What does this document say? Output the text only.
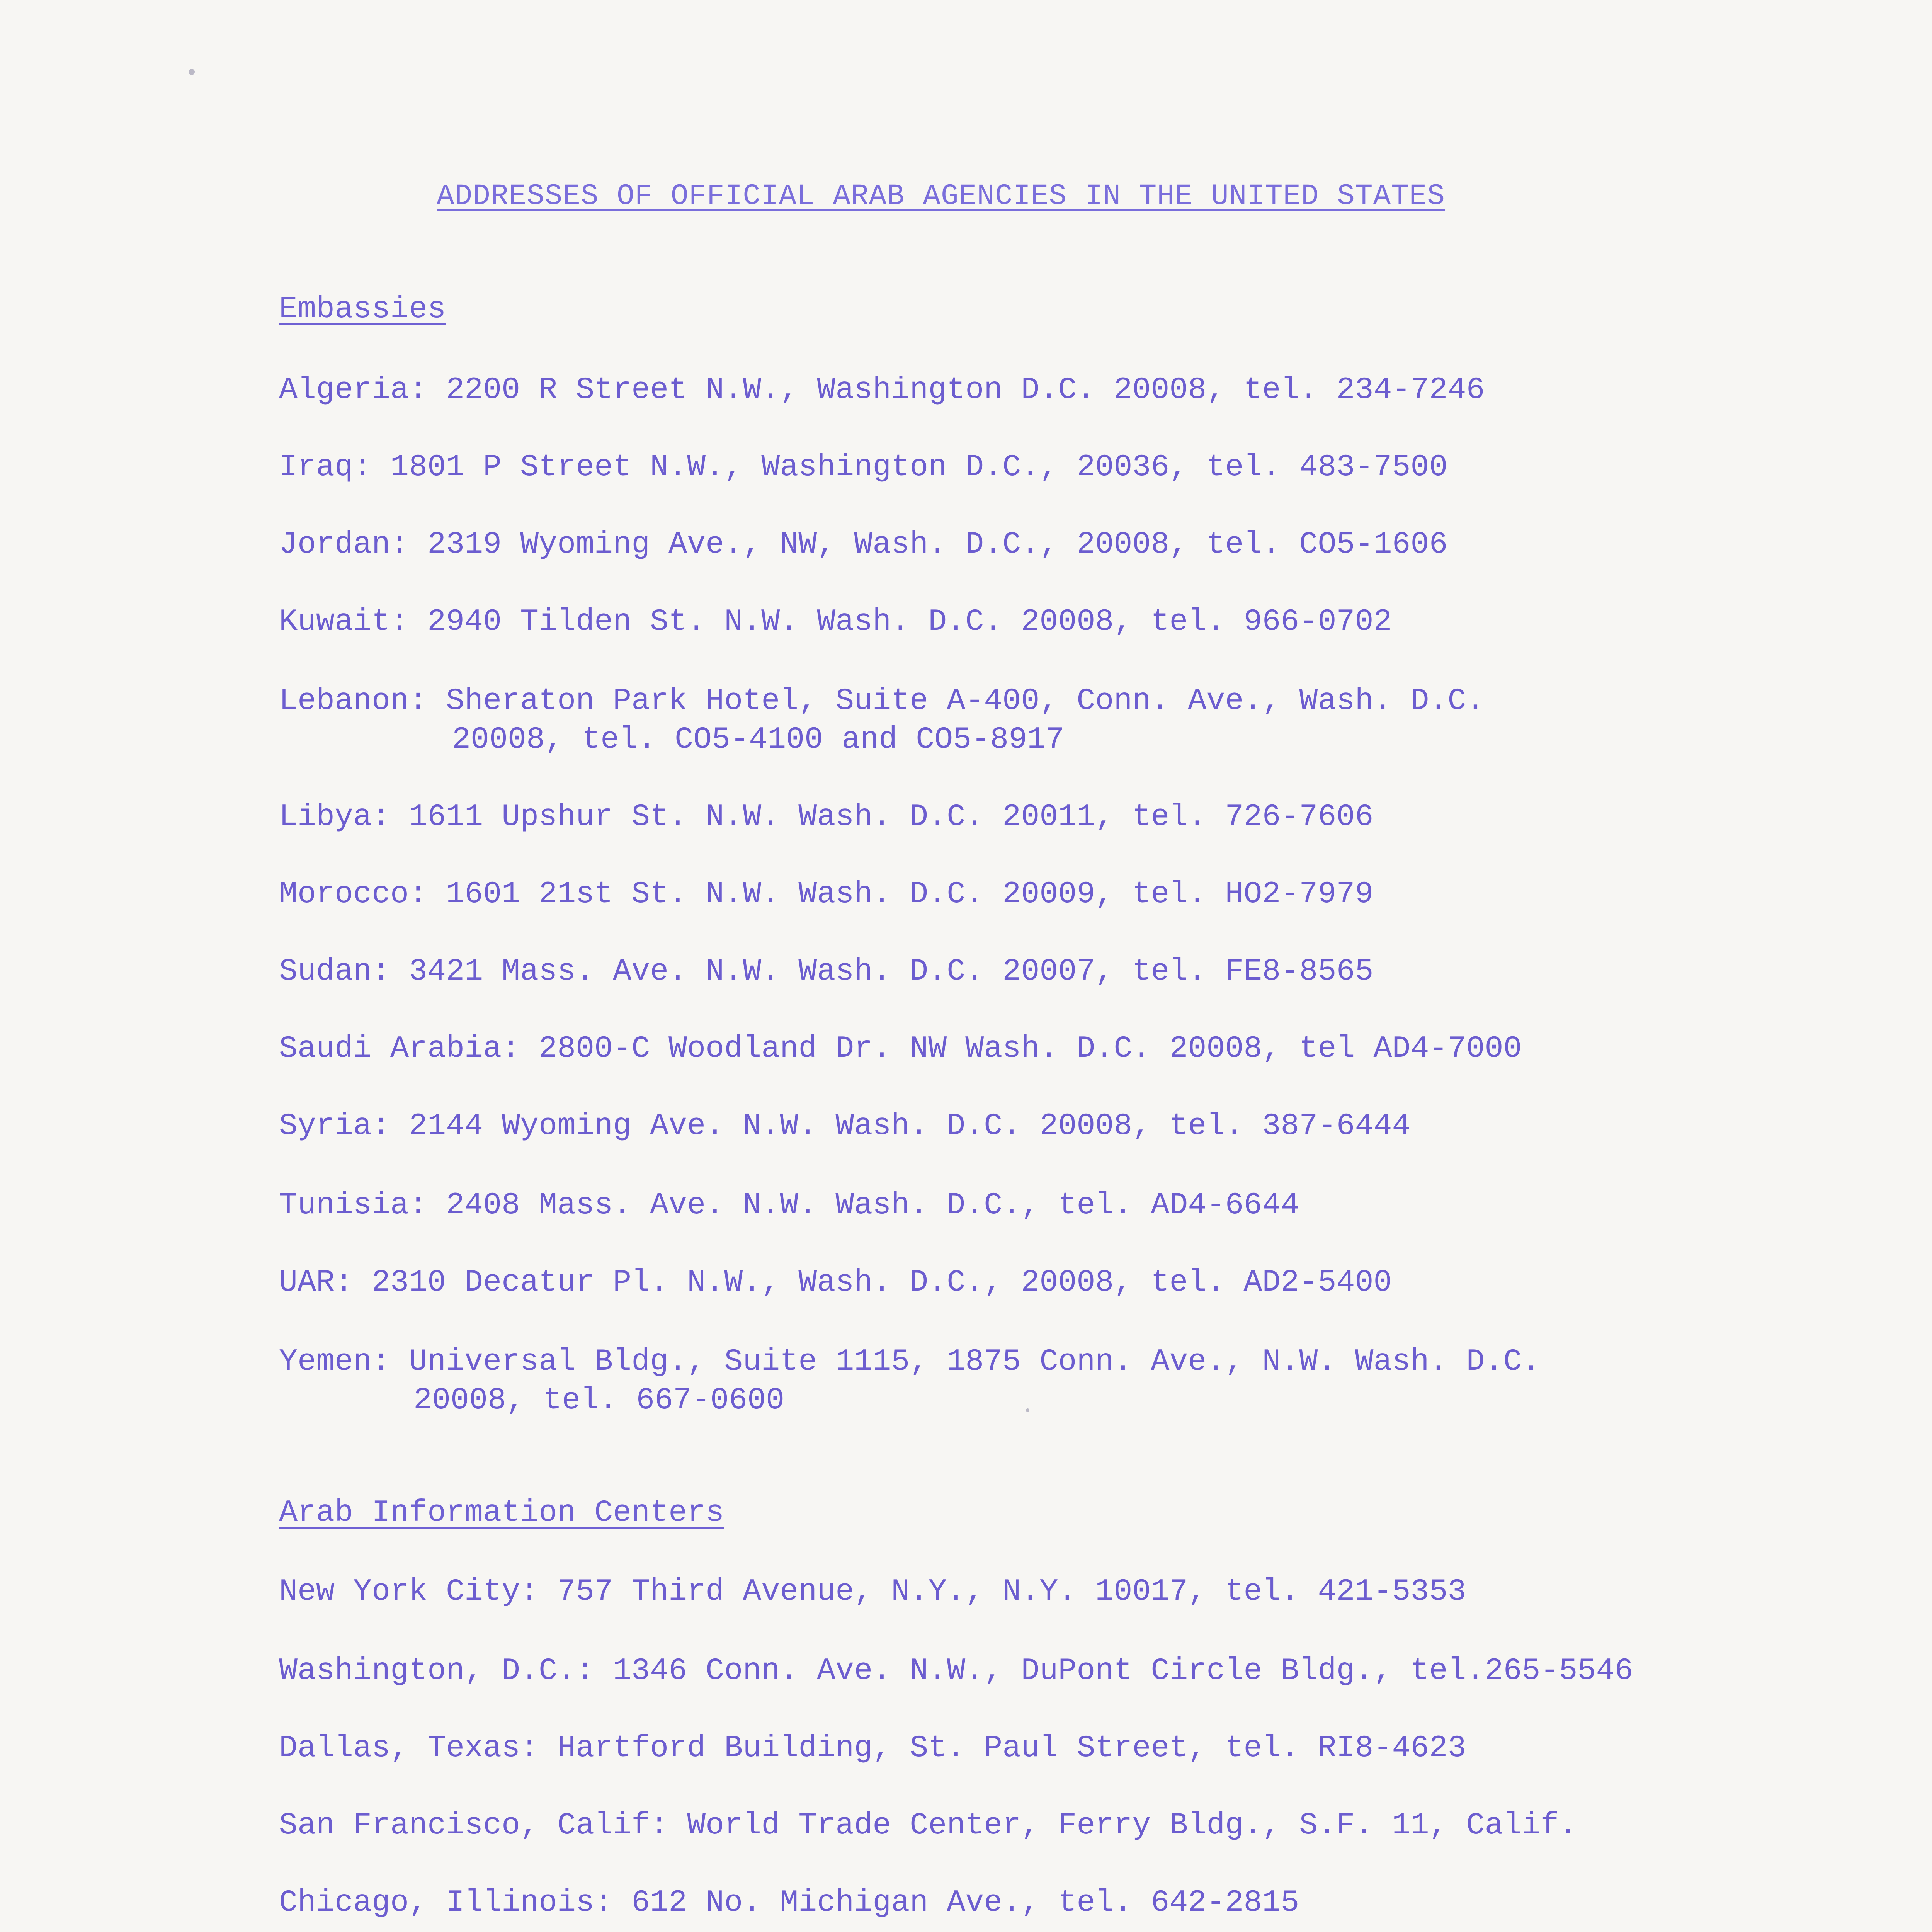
ADDRESSES OF OFFICIAL ARAB AGENCIES IN THE UNITED STATES
Embassies
Algeria: 2200 R Street N.W., Washington D.C. 20008, tel. 234-7246
Iraq: 1801 P Street N.W., Washington D.C., 20036, tel. 483-7500
Jordan: 2319 Wyoming Ave., NW, Wash. D.C., 20008, tel. CO5-1606
Kuwait: 2940 Tilden St. N.W. Wash. D.C. 20008, tel. 966-0702
Lebanon: Sheraton Park Hotel, Suite A-400, Conn. Ave., Wash. D.C.
20008, tel. CO5-4100 and CO5-8917
Libya: 1611 Upshur St. N.W. Wash. D.C. 20011, tel. 726-7606
Morocco: 1601 21st St. N.W. Wash. D.C. 20009, tel. HO2-7979
Sudan: 3421 Mass. Ave. N.W. Wash. D.C. 20007, tel. FE8-8565
Saudi Arabia: 2800-C Woodland Dr. NW Wash. D.C. 20008, tel AD4-7000
Syria: 2144 Wyoming Ave. N.W. Wash. D.C. 20008, tel. 387-6444
Tunisia: 2408 Mass. Ave. N.W. Wash. D.C., tel. AD4-6644
UAR: 2310 Decatur Pl. N.W., Wash. D.C., 20008, tel. AD2-5400
Yemen: Universal Bldg., Suite 1115, 1875 Conn. Ave., N.W. Wash. D.C.
20008, tel. 667-0600
Arab Information Centers
New York City: 757 Third Avenue, N.Y., N.Y. 10017, tel. 421-5353
Washington, D.C.: 1346 Conn. Ave. N.W., DuPont Circle Bldg., tel.265-5546
Dallas, Texas: Hartford Building, St. Paul Street, tel. RI8-4623
San Francisco, Calif: World Trade Center, Ferry Bldg., S.F. 11, Calif.
Chicago, Illinois: 612 No. Michigan Ave., tel. 642-2815
